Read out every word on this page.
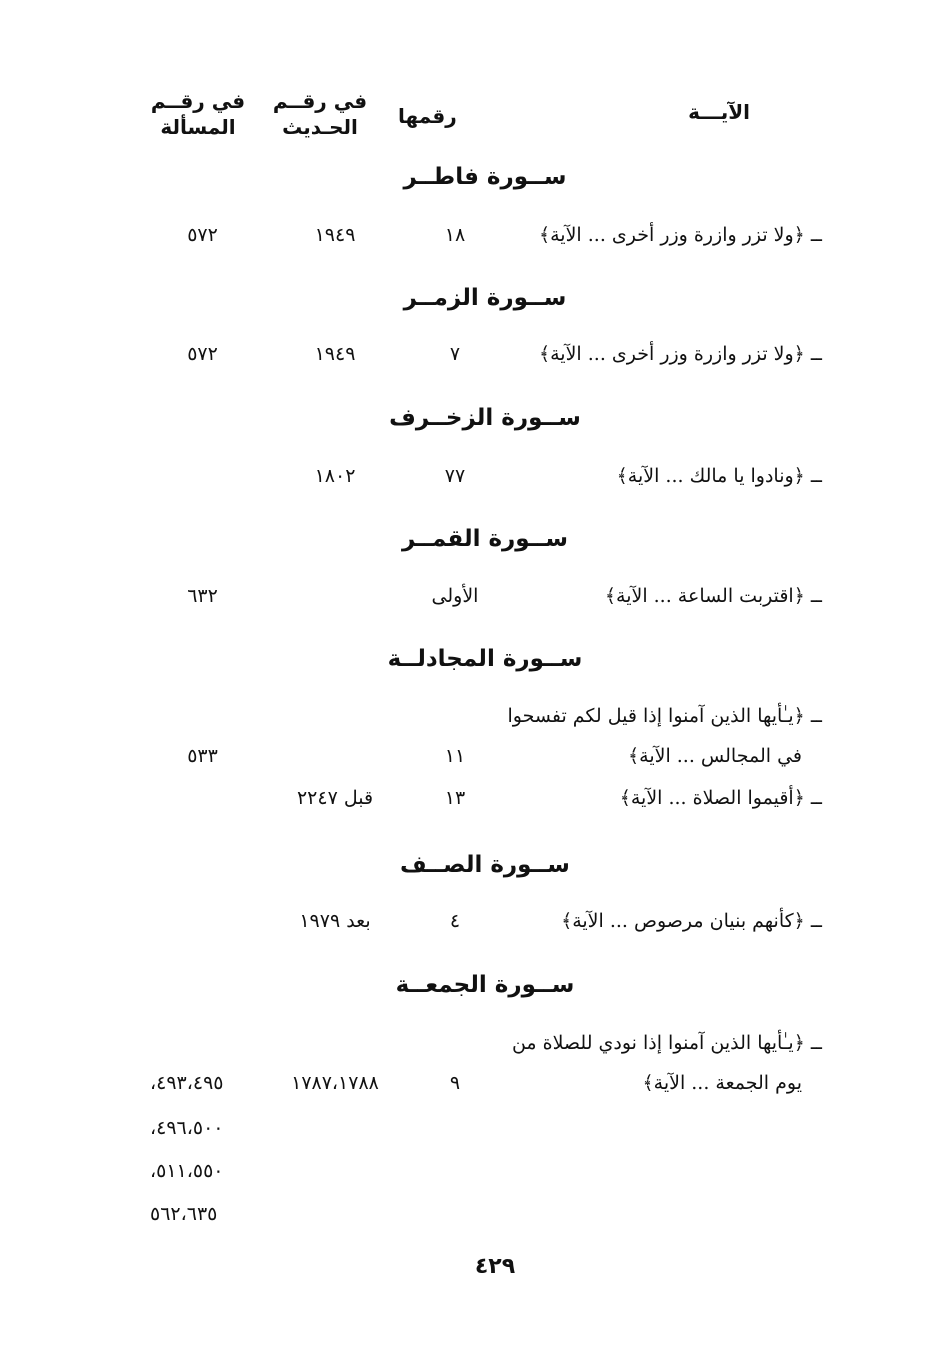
الآيـــة
رقمها
في رقــم
الحـديث
في رقــم
المسألة
ســورة فاطــر
ــ ﴿ولا تزر وازرة وزر أخرى ... الآية﴾
١٨
١٩٤٩
٥٧٢
ســورة الزمــر
ــ ﴿ولا تزر وازرة وزر أخرى ... الآية﴾
٧
١٩٤٩
٥٧٢
ســورة الزخــرف
ــ ﴿ونادوا يا مالك ... الآية﴾
٧٧
١٨٠٢
ســورة القمــر
ــ ﴿اقتربت الساعة ... الآية﴾
الأولى
٦٣٢
ســورة المجادلــة
ــ ﴿يـٰأيها الذين آمنوا إذا قيل لكم تفسحوا
في المجالس ... الآية﴾
١١
٥٣٣
ــ ﴿أقيموا الصلاة ... الآية﴾
١٣
قبل ٢٢٤٧
ســورة الصــف
ــ ﴿كأنهم بنيان مرصوص ... الآية﴾
٤
بعد ١٩٧٩
ســورة الجمعــة
ــ ﴿يـٰأيها الذين آمنوا إذا نودي للصلاة من
يوم الجمعة ... الآية﴾
٩
١٧٨٧،١٧٨٨
٤٩٣،٤٩٥،
٤٩٦،٥٠٠،
٥١١،٥٥٠،
٥٦٢،٦٣٥
٤٢٩
